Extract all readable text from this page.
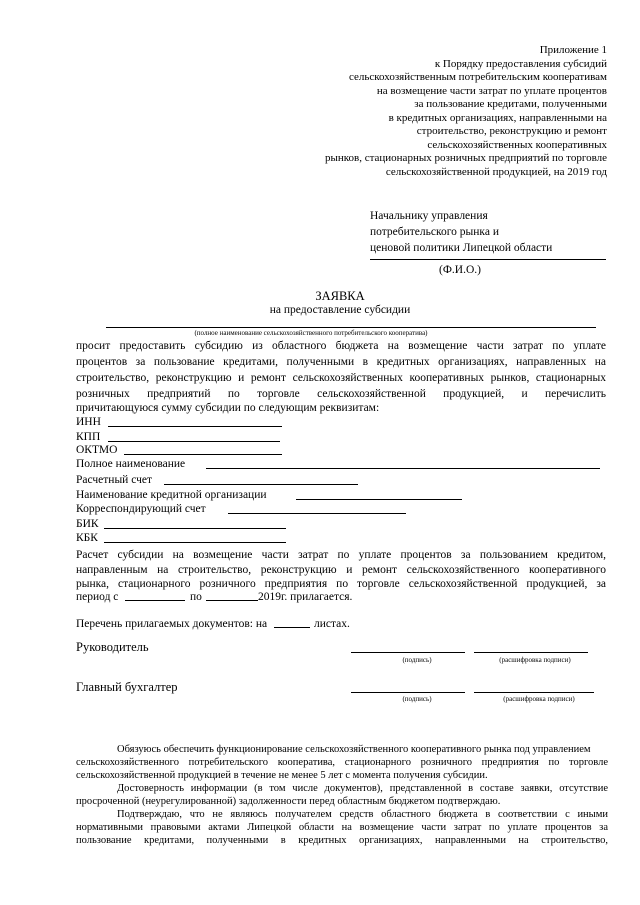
Приложение 1
к Порядку предоставления субсидий
сельскохозяйственным потребительским кооперативам
на возмещение части затрат по уплате процентов
за пользование кредитами, полученными
в кредитных организациях, направленными на
строительство, реконструкцию и ремонт
сельскохозяйственных кооперативных
рынков, стационарных розничных предприятий по торговле
сельскохозяйственной продукцией, на 2019 год
Начальнику управления
потребительского рынка и
ценовой политики Липецкой области
(Ф.И.О.)
ЗАЯВКА
на предоставление субсидии
(полное наименование сельскохозяйственного потребительского кооператива)
просит предоставить субсидию из областного бюджета на возмещение части затрат по уплате
процентов за пользование кредитами, полученными в кредитных организациях, направленных на
строительство, реконструкцию и ремонт сельскохозяйственных кооперативных рынков, стационарных
розничных предприятий по торговле сельскохозяйственной продукцией, и перечислить
причитающуюся сумму субсидии по следующим реквизитам:
ИНН
КПП
ОКТМО
Полное наименование
Расчетный счет
Наименование кредитной организации
Корреспондирующий счет
БИК
КБК
Расчет субсидии на возмещение части затрат по уплате процентов за пользованием кредитом,
направленным на строительство, реконструкцию и ремонт сельскохозяйственного кооперативного
рынка, стационарного розничного предприятия по торговле сельскохозяйственной продукцией, за
период с	по	2019г. прилагается.
Перечень прилагаемых документов: на	листах.
Руководитель
(подпись)	(расшифровка подписи)
Главный бухгалтер
(подпись)	(расшифровка подписи)
Обязуюсь обеспечить функционирование сельскохозяйственного кооперативного рынка под управлением
сельскохозяйственного потребительского кооператива, стационарного розничного предприятия по торговле
сельскохозяйственной продукцией в течение не менее 5 лет с момента получения субсидии.
Достоверность информации (в том числе документов), представленной в составе заявки, отсутствие
просроченной (неурегулированной) задолженности перед областным бюджетом подтверждаю.
Подтверждаю, что не являюсь получателем средств областного бюджета в соответствии с иными
нормативными правовыми актами Липецкой области на возмещение части затрат по уплате процентов за
пользование кредитами, полученными в кредитных организациях, направленными на строительство,
